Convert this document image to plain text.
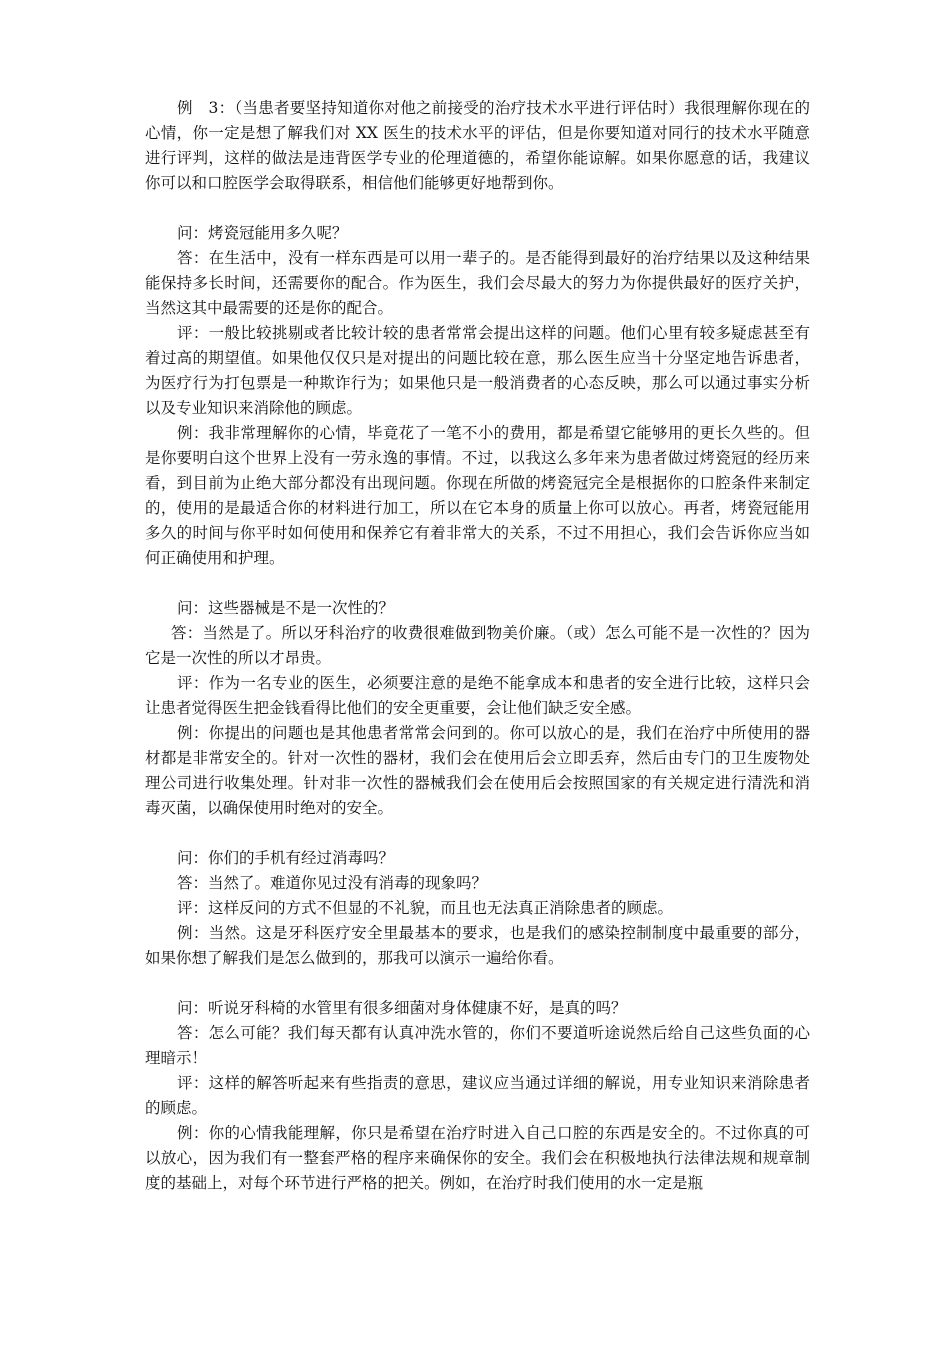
例　3：（当患者要坚持知道你对他之前接受的治疗技术水平进行评估时）我很理解你现在的心情，你一定是想了解我们对 XX 医生的技术水平的评估，但是你要知道对同行的技术水平随意进行评判，这样的做法是违背医学专业的伦理道德的，希望你能谅解。如果你愿意的话，我建议你可以和口腔医学会取得联系，相信他们能够更好地帮到你。

问：烤瓷冠能用多久呢？

答：在生活中，没有一样东西是可以用一辈子的。是否能得到最好的治疗结果以及这种结果能保持多长时间，还需要你的配合。作为医生，我们会尽最大的努力为你提供最好的医疗关护，当然这其中最需要的还是你的配合。

评：一般比较挑剔或者比较计较的患者常常会提出这样的问题。他们心里有较多疑虑甚至有着过高的期望值。如果他仅仅只是对提出的问题比较在意，那么医生应当十分坚定地告诉患者，为医疗行为打包票是一种欺诈行为；如果他只是一般消费者的心态反映，那么可以通过事实分析以及专业知识来消除他的顾虑。

例：我非常理解你的心情，毕竟花了一笔不小的费用，都是希望它能够用的更长久些的。但是你要明白这个世界上没有一劳永逸的事情。不过，以我这么多年来为患者做过烤瓷冠的经历来看，到目前为止绝大部分都没有出现问题。你现在所做的烤瓷冠完全是根据你的口腔条件来制定的，使用的是最适合你的材料进行加工，所以在它本身的质量上你可以放心。再者，烤瓷冠能用多久的时间与你平时如何使用和保养它有着非常大的关系，不过不用担心，我们会告诉你应当如何正确使用和护理。

问：这些器械是不是一次性的？

答：当然是了。所以牙科治疗的收费很难做到物美价廉。（或）怎么可能不是一次性的？因为它是一次性的所以才昂贵。

评：作为一名专业的医生，必须要注意的是绝不能拿成本和患者的安全进行比较，这样只会让患者觉得医生把金钱看得比他们的安全更重要，会让他们缺乏安全感。

例：你提出的问题也是其他患者常常会问到的。你可以放心的是，我们在治疗中所使用的器材都是非常安全的。针对一次性的器材，我们会在使用后会立即丢弃，然后由专门的卫生废物处理公司进行收集处理。针对非一次性的器械我们会在使用后会按照国家的有关规定进行清洗和消毒灭菌，以确保使用时绝对的安全。

问：你们的手机有经过消毒吗？

答：当然了。难道你见过没有消毒的现象吗？

评：这样反问的方式不但显的不礼貌，而且也无法真正消除患者的顾虑。

例：当然。这是牙科医疗安全里最基本的要求，也是我们的感染控制制度中最重要的部分，如果你想了解我们是怎么做到的，那我可以演示一遍给你看。

问：听说牙科椅的水管里有很多细菌对身体健康不好，是真的吗？

答：怎么可能？我们每天都有认真冲洗水管的，你们不要道听途说然后给自己这些负面的心理暗示！

评：这样的解答听起来有些指责的意思，建议应当通过详细的解说，用专业知识来消除患者的顾虑。

例：你的心情我能理解，你只是希望在治疗时进入自己口腔的东西是安全的。不过你真的可以放心，因为我们有一整套严格的程序来确保你的安全。我们会在积极地执行法律法规和规章制度的基础上，对每个环节进行严格的把关。例如，在治疗时我们使用的水一定是瓶
